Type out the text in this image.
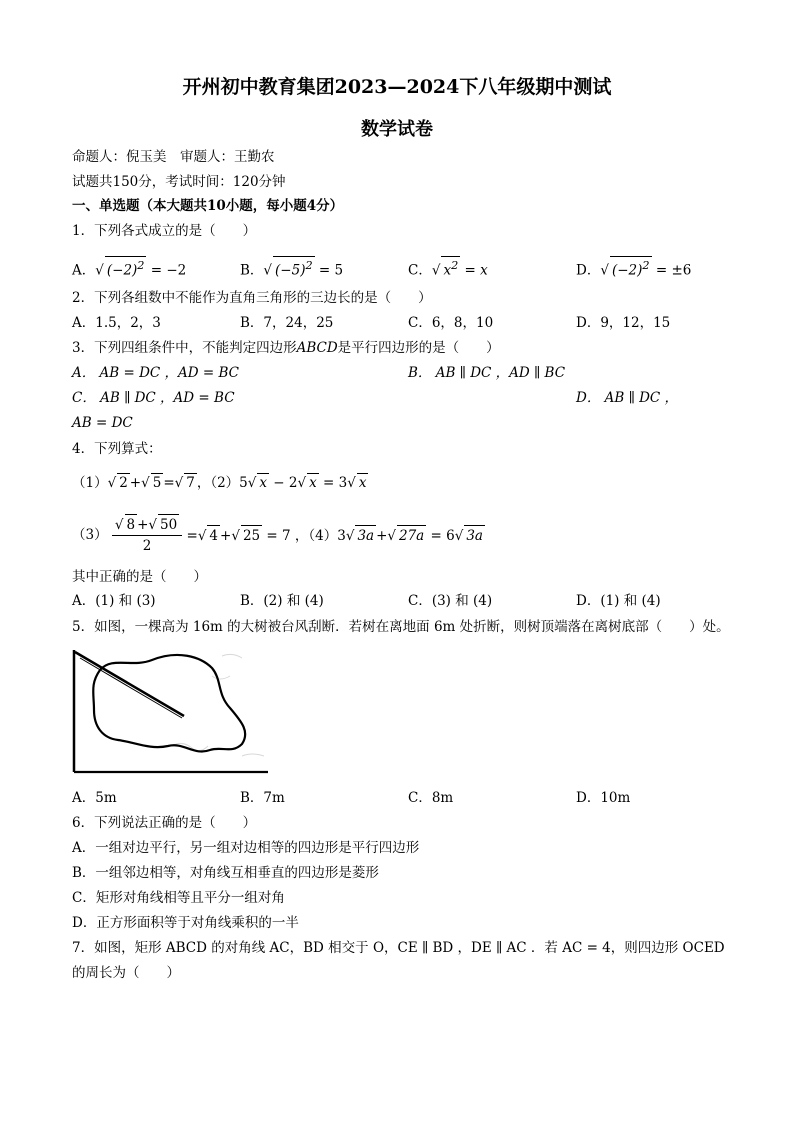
开州初中教育集团2023—2024下八年级期中测试
数学试卷
命题人：倪玉美　审题人：王勤农
试题共150分，考试时间：120分钟
一、单选题（本大题共10小题，每小题4分）
1．下列各式成立的是（　　）
A．√ $(-2)^2 = -2$	B．√ $(-5)^2 = 5$	C．√ $x^2 = x$	D．√ $(-2)^2 = \pm 6$
2．下列各组数中不能作为直角三角形的三边长的是（　　）
A．1.5，2，3	B．7，24，25	C．6，8，10	D．9，12，15
3．下列四组条件中，不能判定四边形ABCD是平行四边形的是（　　）
A． AB = DC ，AD = BC	B． AB ∥ DC ，AD ∥ BC
C． AB ∥ DC ，AD = BC	D． AB ∥ DC ，
AB = DC
4．下列算式：
（1）√ 2 +√ 5 =√ 7 ，（2）5√ x − 2√ x = 3√ x
$(3) \frac{√ 8 +√ 50}{2}$ =√ 4 +√ 25 = 7 ，（4）3√ 3a +√ 27a = 6√ 3a
其中正确的是（　　）
A．(1) 和 (3)	B．(2) 和 (4)	C．(3) 和 (4)	D．(1) 和 (4)
5．如图，一棵高为 16m 的大树被台风刮断．若树在离地面 6m 处折断，则树顶端落在离树底部（　　）处。
A．5m	B．7m	C．8m	D．10m
6．下列说法正确的是（　　）
A．一组对边平行，另一组对边相等的四边形是平行四边形
B．一组邻边相等，对角线互相垂直的四边形是菱形
C．矩形对角线相等且平分一组对角
D．正方形面积等于对角线乘积的一半
7．如图，矩形 ABCD 的对角线 AC，BD 相交于 O，CE ∥ BD ，DE ∥ AC ．若 AC = 4，则四边形 OCED
的周长为（　　）
